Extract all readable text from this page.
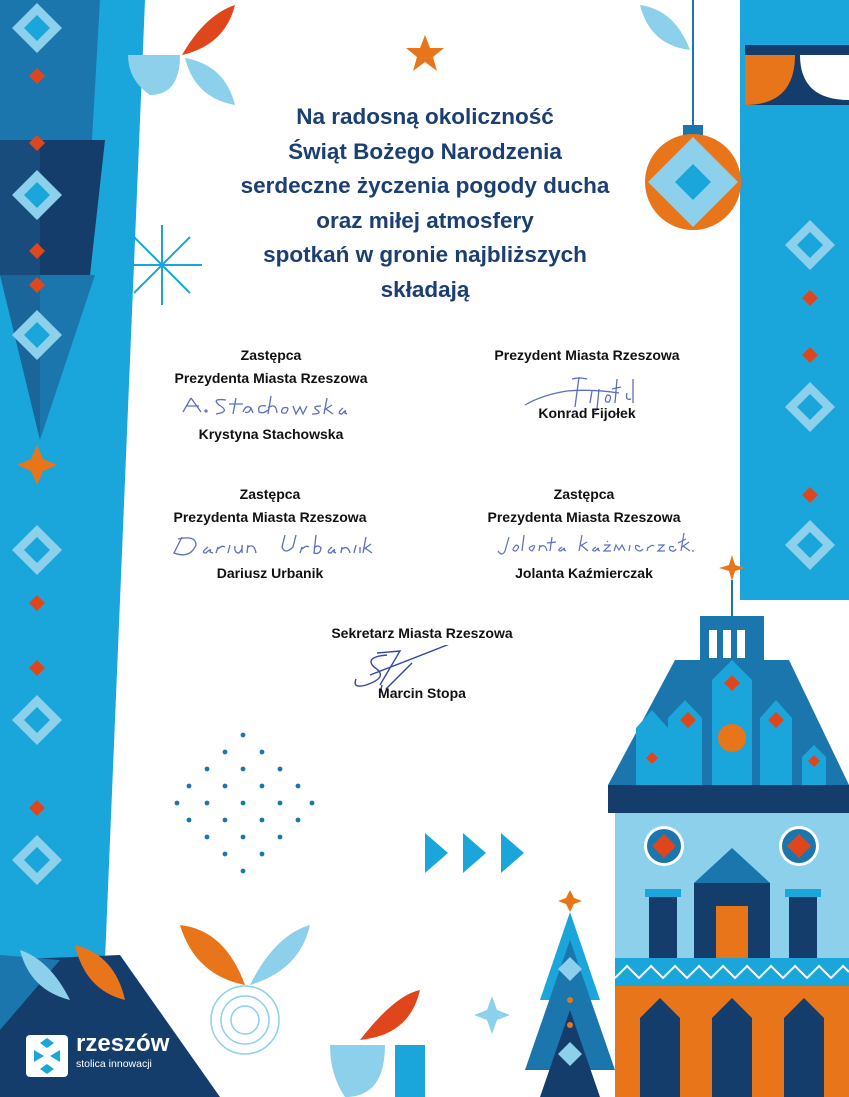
Na radosną okoliczność
Świąt Bożego Narodzenia
serdeczne życzenia pogody ducha
oraz miłej atmosfery
spotkań w gronie najbliższych
składają
Zastępca
Prezydenta Miasta Rzeszowa
Krystyna Stachowska
Prezydent Miasta Rzeszowa
Konrad Fijołek
Zastępca
Prezydenta Miasta Rzeszowa
Dariusz Urbanik
Zastępca
Prezydenta Miasta Rzeszowa
Jolanta Kaźmierczak
Sekretarz Miasta Rzeszowa
Marcin Stopa
rzeszów
stolica innowacji
